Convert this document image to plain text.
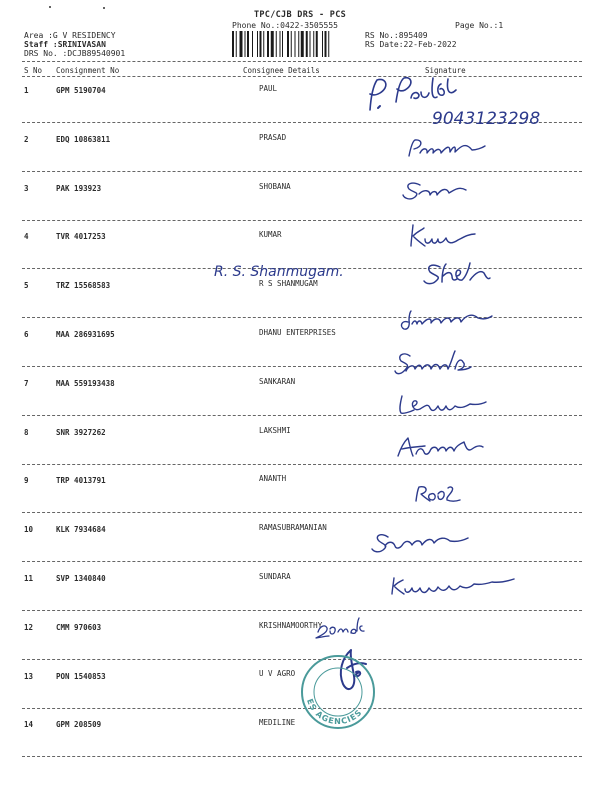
TPC/CJB DRS - PCS
Phone No.:0422-3505555	Page No.:1
Area :G V RESIDENCY
Staff :SRINIVASAN
DRS No. :DCJB89540901
RS No.:895409
RS Date:22-Feb-2022
S No Consignment No	Consignee Details	Signature
1	GPM 5190704	PAUL
2	EDQ 10863811	PRASAD
3	PAK 193923	SHOBANA
4	TVR 4017253	KUMAR
5	TRZ 15568583	R S SHANMUGAM
6	MAA 286931695	DHANU ENTERPRISES
7	MAA 559193438	SANKARAN
8	SNR 3927262	LAKSHMI
9	TRP 4013791	ANANTH
10	KLK 7934684	RAMASUBRAMANIAN
11	SVP 1340840	SUNDARA
12	CMM 970603	KRISHNAMOORTHY
13	PON 1540853	U V AGRO
14	GPM 208509	MEDILINE
9043123298
R. S. Shanmugam.
ES AGENCIES
